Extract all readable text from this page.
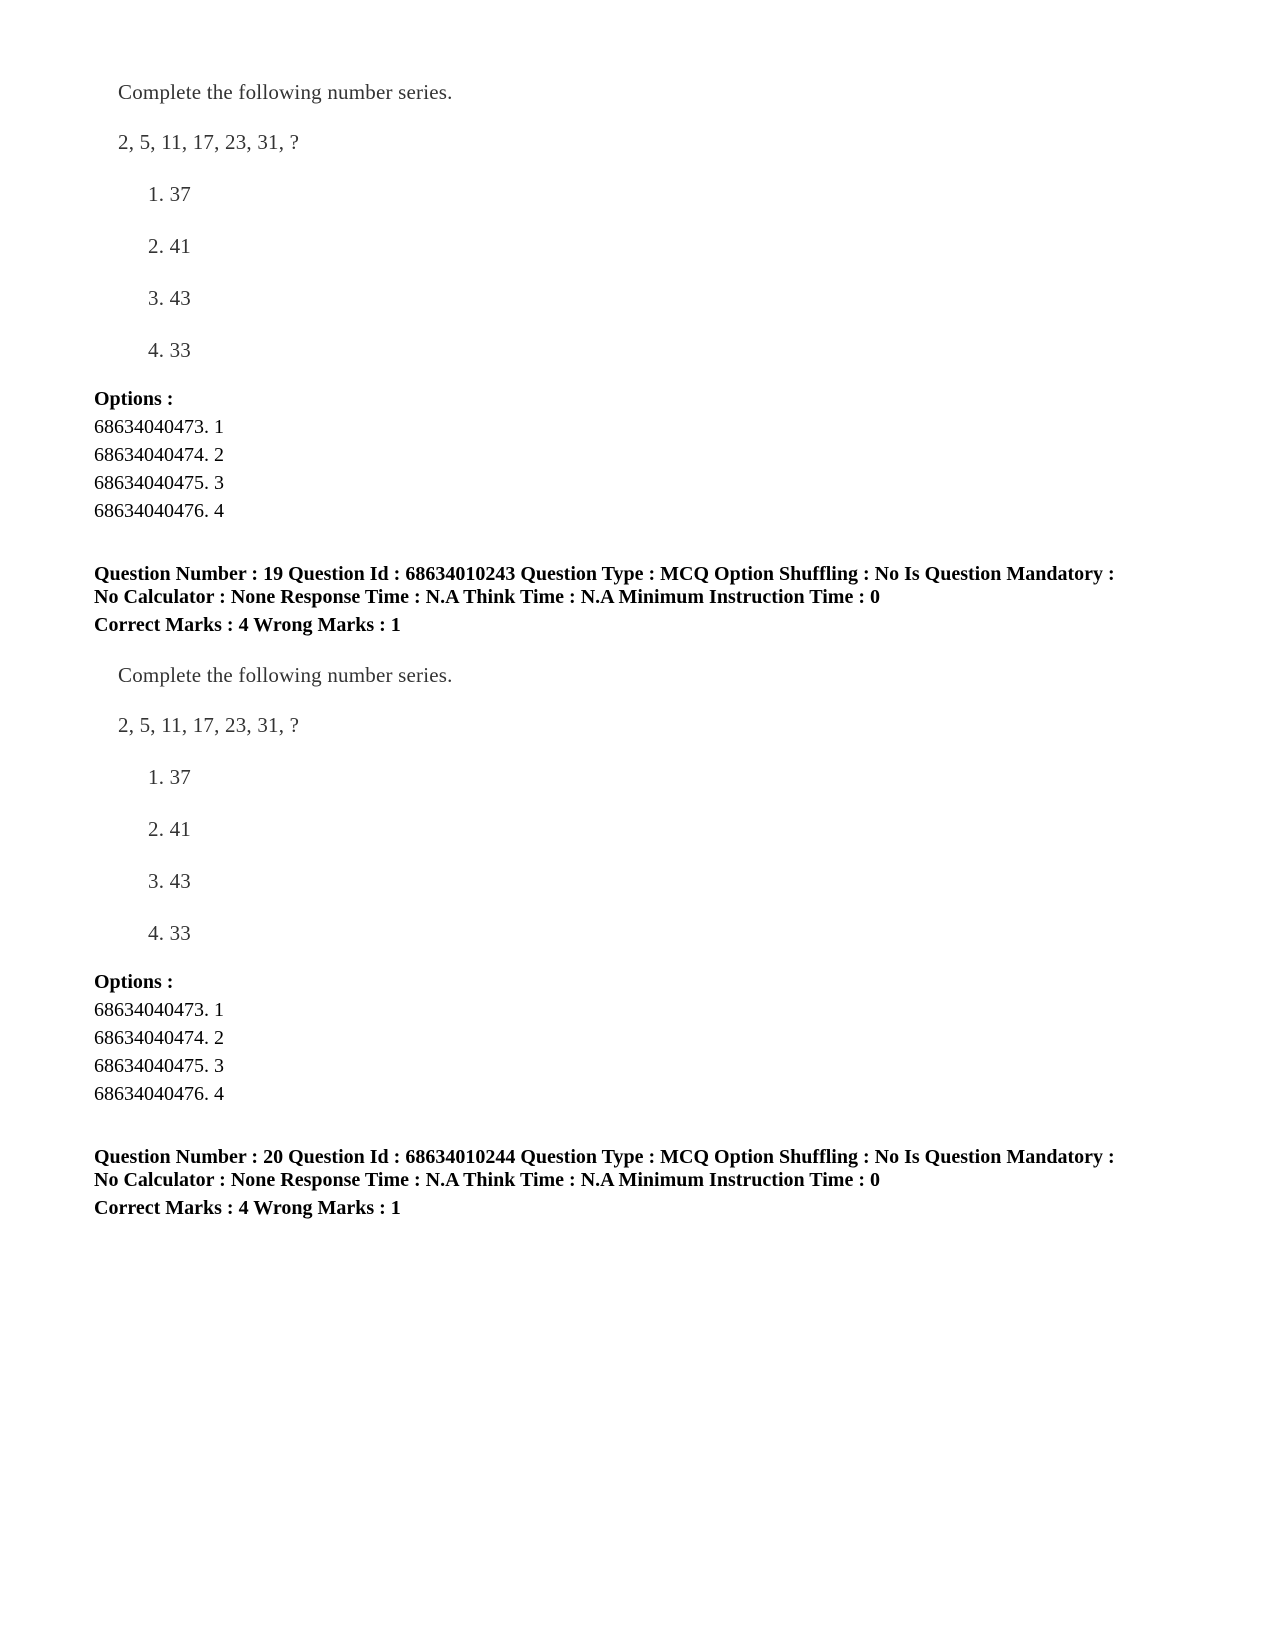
Complete the following number series.
2, 5, 11, 17, 23, 31, ?
1. 37
2. 41
3. 43
4. 33
Options :
68634040473. 1
68634040474. 2
68634040475. 3
68634040476. 4
Question Number : 19 Question Id : 68634010243 Question Type : MCQ Option Shuffling : No Is Question Mandatory :
No Calculator : None Response Time : N.A Think Time : N.A Minimum Instruction Time : 0
Correct Marks : 4 Wrong Marks : 1
Complete the following number series.
2, 5, 11, 17, 23, 31, ?
1. 37
2. 41
3. 43
4. 33
Options :
68634040473. 1
68634040474. 2
68634040475. 3
68634040476. 4
Question Number : 20 Question Id : 68634010244 Question Type : MCQ Option Shuffling : No Is Question Mandatory :
No Calculator : None Response Time : N.A Think Time : N.A Minimum Instruction Time : 0
Correct Marks : 4 Wrong Marks : 1
